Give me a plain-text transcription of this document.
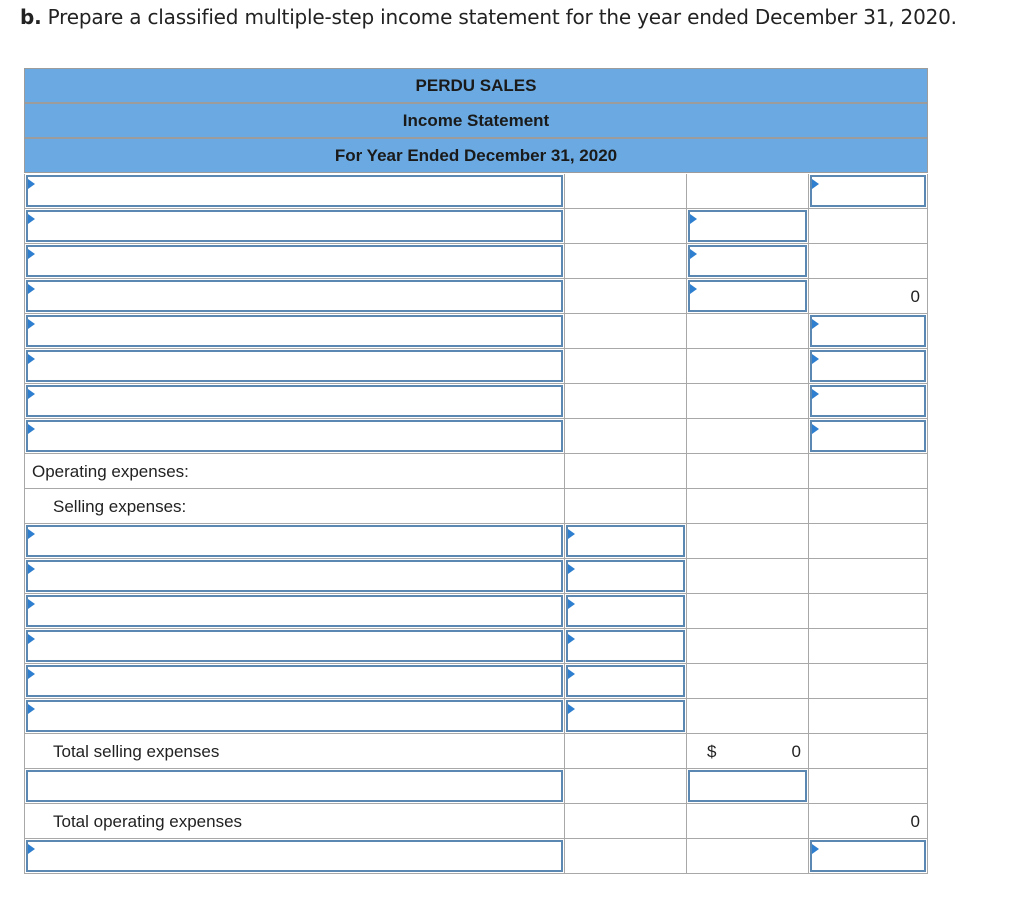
b. Prepare a classified multiple-step income statement for the year ended December 31, 2020.
PERDU SALES
Income Statement
For Year Ended December 31, 2020
0
Operating expenses:
Selling expenses:
Total selling expenses	$	0
Total operating expenses	0
